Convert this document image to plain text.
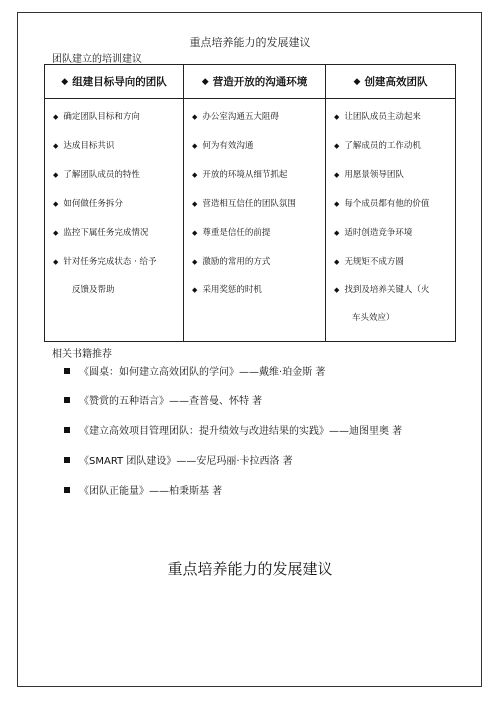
重点培养能力的发展建议
团队建立的培训建议
◆ 组建目标导向的团队
◆ 确定团队目标和方向
◆ 达成目标共识
◆ 了解团队成员的特性
◆ 如何做任务拆分
◆ 监控下属任务完成情况
◆ 针对任务完成状态 · 给予
反馈及帮助
◆ 营造开放的沟通环境
◆ 办公室沟通五大阻碍
◆ 何为有效沟通
◆ 开放的环境从细节抓起
◆ 营造相互信任的团队氛围
◆ 尊重是信任的前提
◆ 激励的常用的方式
◆ 采用奖惩的时机
◆ 创建高效团队
◆ 让团队成员主动起来
◆ 了解成员的工作动机
◆ 用愿景领导团队
◆ 每个成员都有他的价值
◆ 适时创造竞争环境
◆ 无规矩不成方圆
◆ 找到及培养关键人（火
车头效应）
相关书籍推荐
《圆桌：如何建立高效团队的学问》——戴维·珀金斯 著
《赞赏的五种语言》——查普曼、怀特 著
《建立高效项目管理团队：提升绩效与改进结果的实践》——迪图里奥 著
《SMART 团队建设》——安尼玛丽·卡拉西洛 著
《团队正能量》——柏秉斯基 著
重点培养能力的发展建议
